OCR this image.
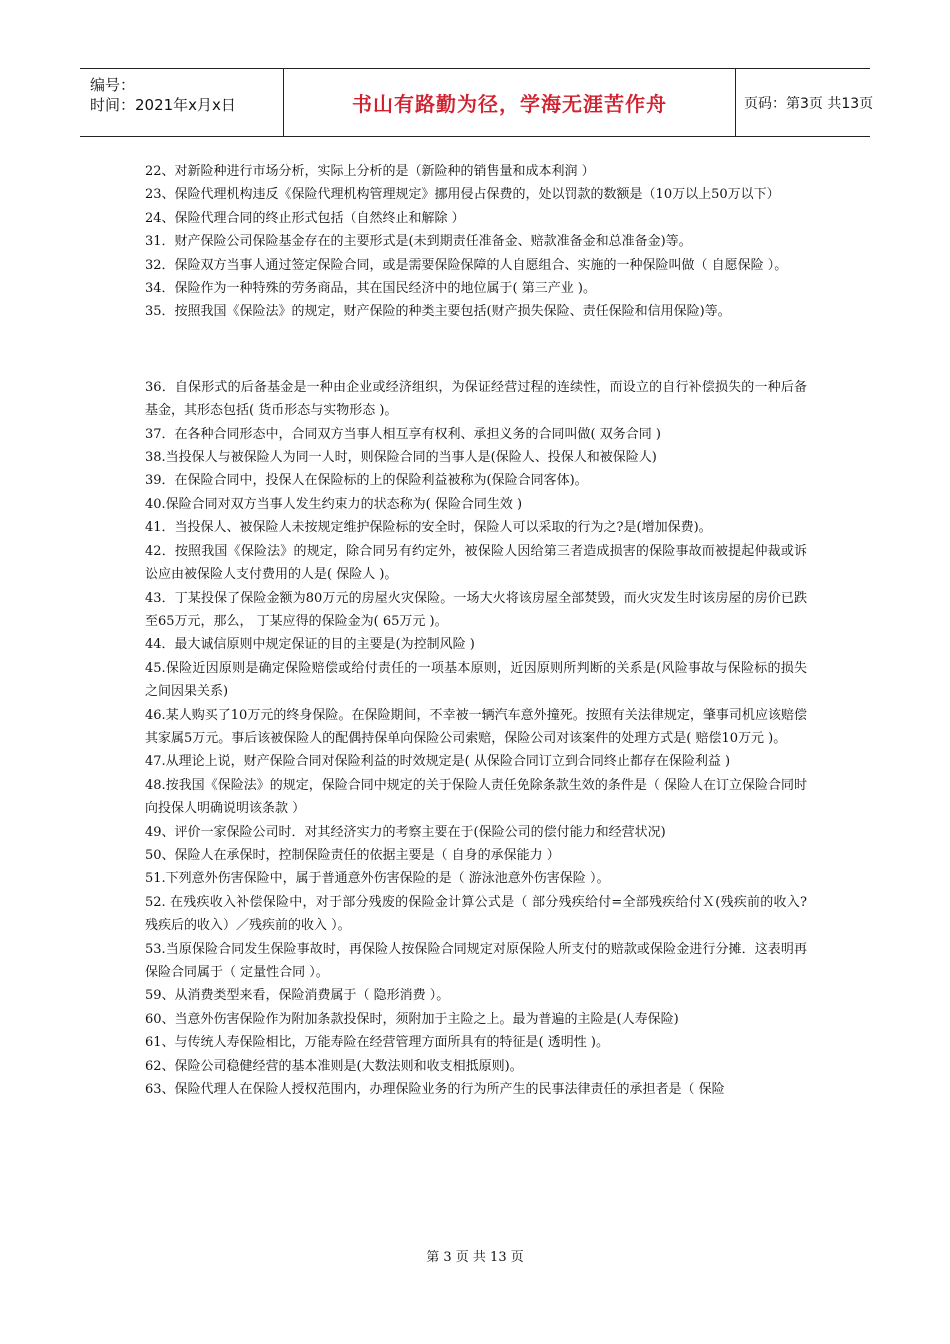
编号：
时间：2021年x月x日	书山有路勤为径，学海无涯苦作舟	页码：第3页 共13页

22、对新险种进行市场分析，实际上分析的是（新险种的销售量和成本利润 ）

23、保险代理机构违反《保险代理机构管理规定》挪用侵占保费的，处以罚款的数额是（10万以上50万以下）

24、保险代理合同的终止形式包括（自然终止和解除 ）

31．财产保险公司保险基金存在的主要形式是(未到期责任准备金、赔款准备金和总准备金)等。

32．保险双方当事人通过签定保险合同，或是需要保险保障的人自愿组合、实施的一种保险叫做（ 自愿保险 ）。

34．保险作为一种特殊的劳务商品，其在国民经济中的地位属于( 第三产业 )。

35．按照我国《保险法》的规定，财产保险的种类主要包括(财产损失保险、责任保险和信用保险)等。

36．自保形式的后备基金是一种由企业或经济组织，为保证经营过程的连续性，而设立的自行补偿损失的一种后备基金，其形态包括( 货币形态与实物形态 )。

37．在各种合同形态中，合同双方当事人相互享有权利、承担义务的合同叫做( 双务合同 )

38.当投保人与被保险人为同一人时，则保险合同的当事人是(保险人、投保人和被保险人)

39．在保险合同中，投保人在保险标的上的保险利益被称为(保险合同客体)。

40.保险合同对双方当事人发生约束力的状态称为( 保险合同生效 )

41．当投保人、被保险人未按规定维护保险标的安全时，保险人可以采取的行为之?是(增加保费)。

42．按照我国《保险法》的规定，除合同另有约定外，被保险人因给第三者造成损害的保险事故而被提起仲裁或诉讼应由被保险人支付费用的人是( 保险人 )。

43．丁某投保了保险金额为80万元的房屋火灾保险。一场大火将该房屋全部焚毁，而火灾发生时该房屋的房价已跌至65万元，那么， 丁某应得的保险金为( 65万元 )。

44．最大诚信原则中规定保证的目的主要是(为控制风险 )

45.保险近因原则是确定保险赔偿或给付责任的一项基本原则，近因原则所判断的关系是(风险事故与保险标的损失之间因果关系)

46.某人购买了10万元的终身保险。在保险期间，不幸被一辆汽车意外撞死。按照有关法律规定，肇事司机应该赔偿其家属5万元。事后该被保险人的配偶持保单向保险公司索赔，保险公司对该案件的处理方式是( 赔偿10万元 )。

47.从理论上说，财产保险合同对保险利益的时效规定是( 从保险合同订立到合同终止都存在保险利益 )

48.按我国《保险法》的规定，保险合同中规定的关于保险人责任免除条款生效的条件是（ 保险人在订立保险合同时向投保人明确说明该条款 ）

49、评价一家保险公司时．对其经济实力的考察主要在于(保险公司的偿付能力和经营状况)

50、保险人在承保时，控制保险责任的依据主要是（ 自身的承保能力 ）

51.下列意外伤害保险中，属于普通意外伤害保险的是（ 游泳池意外伤害保险 ）。

52. 在残疾收入补偿保险中，对于部分残废的保险金计算公式是（ 部分残疾给付=全部残疾给付Ｘ(残疾前的收入?残疾后的收入）／残疾前的收入 ）。

53.当原保险合同发生保险事故时，再保险人按保险合同规定对原保险人所支付的赔款或保险金进行分摊．这表明再保险合同属于（ 定量性合同 ）。

59、从消费类型来看，保险消费属于（ 隐形消费 ）。

60、当意外伤害保险作为附加条款投保时，须附加于主险之上。最为普遍的主险是(人寿保险)

61、与传统人寿保险相比，万能寿险在经营管理方面所具有的特征是( 透明性 )。

62、保险公司稳健经营的基本准则是(大数法则和收支相抵原则)。

63、保险代理人在保险人授权范围内，办理保险业务的行为所产生的民事法律责任的承担者是（ 保险

第 3 页 共 13 页
